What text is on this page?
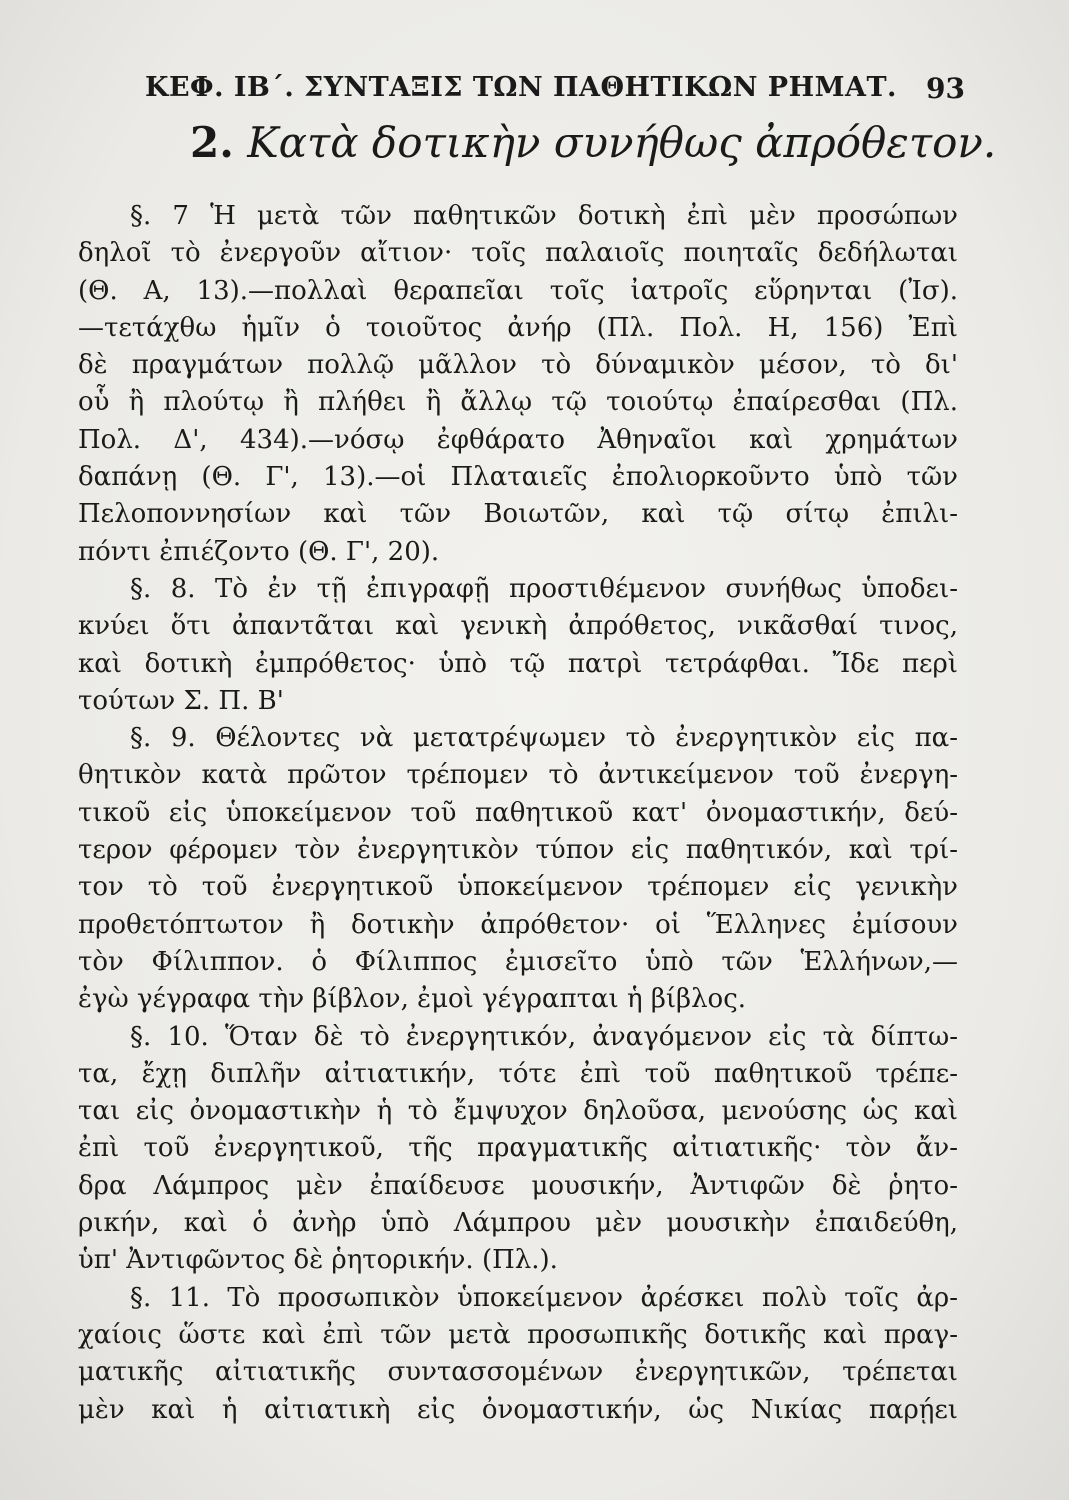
ΚΕΦ. ΙΒ΄. ΣΥΝΤΑΞΙΣ ΤΩΝ ΠΑΘΗΤΙΚΩΝ ΡΗΜΑΤ. 93
2. Κατὰ δοτικὴν συνήθως ἀπρόθετον.
§. 7 Ἡ μετὰ τῶν παθητικῶν δοτικὴ ἐπὶ μὲν προσώπων
δηλοῖ τὸ ἐνεργοῦν αἴτιον· τοῖς παλαιοῖς ποιηταῖς δεδήλωται
(Θ. Α, 13).—πολλαὶ θεραπεῖαι τοῖς ἰατροῖς εὕρηνται (Ἰσ).
—τετάχθω ἡμῖν ὁ τοιοῦτος ἀνήρ (Πλ. Πολ. Η, 156) Ἐπὶ
δὲ πραγμάτων πολλῷ μᾶλλον τὸ δύναμικὸν μέσον, τὸ δι'
οὗ ἢ πλούτῳ ἢ πλήθει ἢ ἄλλῳ τῷ τοιούτῳ ἐπαίρεσθαι (Πλ.
Πολ. Δ', 434).—νόσῳ ἐφθάρατο Ἀθηναῖοι καὶ χρημάτων
δαπάνῃ (Θ. Γ', 13).—οἱ Πλαταιεῖς ἐπολιορκοῦντο ὑπὸ τῶν
Πελοποννησίων καὶ τῶν Βοιωτῶν, καὶ τῷ σίτῳ ἐπιλι-
πόντι ἐπιέζοντο (Θ. Γ', 20).
§. 8. Τὸ ἐν τῇ ἐπιγραφῇ προστιθέμενον συνήθως ὑποδει-
κνύει ὅτι ἀπαντᾶται καὶ γενικὴ ἀπρόθετος, νικᾶσθαί τινος,
καὶ δοτικὴ ἐμπρόθετος· ὑπὸ τῷ πατρὶ τετράφθαι. Ἴδε περὶ
τούτων Σ. Π. Β'
§. 9. Θέλοντες νὰ μετατρέψωμεν τὸ ἐνεργητικὸν εἰς πα-
θητικὸν κατὰ πρῶτον τρέπομεν τὸ ἀντικείμενον τοῦ ἐνεργη-
τικοῦ εἰς ὑποκείμενον τοῦ παθητικοῦ κατ' ὀνομαστικήν, δεύ-
τερον φέρομεν τὸν ἐνεργητικὸν τύπον εἰς παθητικόν, καὶ τρί-
τον τὸ τοῦ ἐνεργητικοῦ ὑποκείμενον τρέπομεν εἰς γενικὴν
προθετόπτωτον ἢ δοτικὴν ἀπρόθετον· οἱ Ἕλληνες ἐμίσουν
τὸν Φίλιππον. ὁ Φίλιππος ἐμισεῖτο ὑπὸ τῶν Ἑλλήνων,—
ἐγὼ γέγραφα τὴν βίβλον, ἐμοὶ γέγραπται ἡ βίβλος.
§. 10. Ὅταν δὲ τὸ ἐνεργητικόν, ἀναγόμενον εἰς τὰ δίπτω-
τα, ἔχῃ διπλῆν αἰτιατικήν, τότε ἐπὶ τοῦ παθητικοῦ τρέπε-
ται εἰς ὀνομαστικὴν ἡ τὸ ἔμψυχον δηλοῦσα, μενούσης ὡς καὶ
ἐπὶ τοῦ ἐνεργητικοῦ, τῆς πραγματικῆς αἰτιατικῆς· τὸν ἄν-
δρα Λάμπρος μὲν ἐπαίδευσε μουσικήν, Ἀντιφῶν δὲ ῥητο-
ρικήν, καὶ ὁ ἀνὴρ ὑπὸ Λάμπρου μὲν μουσικὴν ἐπαιδεύθη,
ὑπ' Ἀντιφῶντος δὲ ῥητορικήν. (Πλ.).
§. 11. Τὸ προσωπικὸν ὑποκείμενον ἀρέσκει πολὺ τοῖς ἀρ-
χαίοις ὥστε καὶ ἐπὶ τῶν μετὰ προσωπικῆς δοτικῆς καὶ πραγ-
ματικῆς αἰτιατικῆς συντασσομένων ἐνεργητικῶν, τρέπεται
μὲν καὶ ἡ αἰτιατικὴ εἰς ὀνομαστικήν, ὡς Νικίας παρῄει
